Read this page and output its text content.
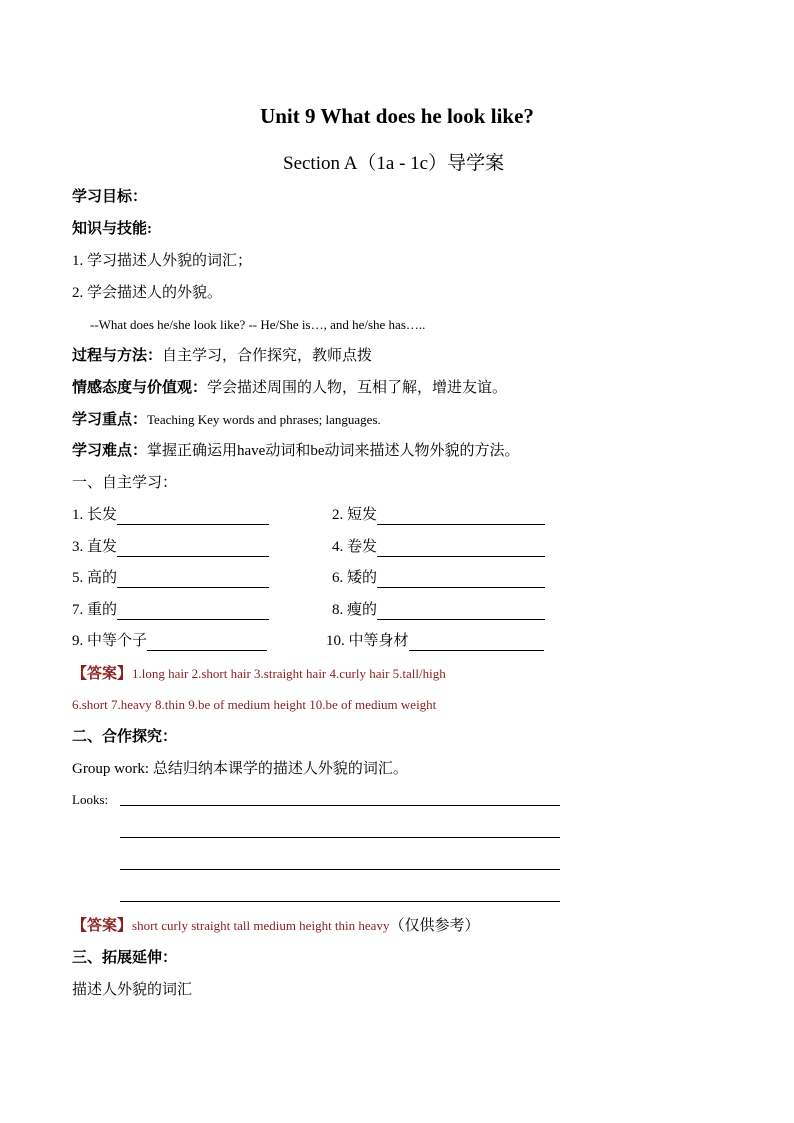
Unit 9 What does he look like?
Section A（1a - 1c）导学案
学习目标：
知识与技能:
1. 学习描述人外貌的词汇；
2. 学会描述人的外貌。
--What does he/she look like? -- He/She is…, and he/she has…..
过程与方法：自主学习，合作探究，教师点拨
情感态度与价值观：学会描述周围的人物，互相了解，增进友谊。
学习重点：Teaching Key words and phrases; languages.
学习难点：掌握正确运用have动词和be动词来描述人物外貌的方法。
一、自主学习：
1. 长发	2. 短发
3. 直发	4. 卷发
5. 高的	6. 矮的
7. 重的	8. 瘦的
9. 中等个子	10. 中等身材
【答案】1.long hair 2.short hair 3.straight hair 4.curly hair 5.tall/high
6.short 7.heavy 8.thin 9.be of medium height 10.be of medium weight
二、合作探究：
Group work: 总结归纳本课学的描述人外貌的词汇。
Looks:
【答案】short curly straight tall medium height thin heavy（仅供参考）
三、拓展延伸：
描述人外貌的词汇
